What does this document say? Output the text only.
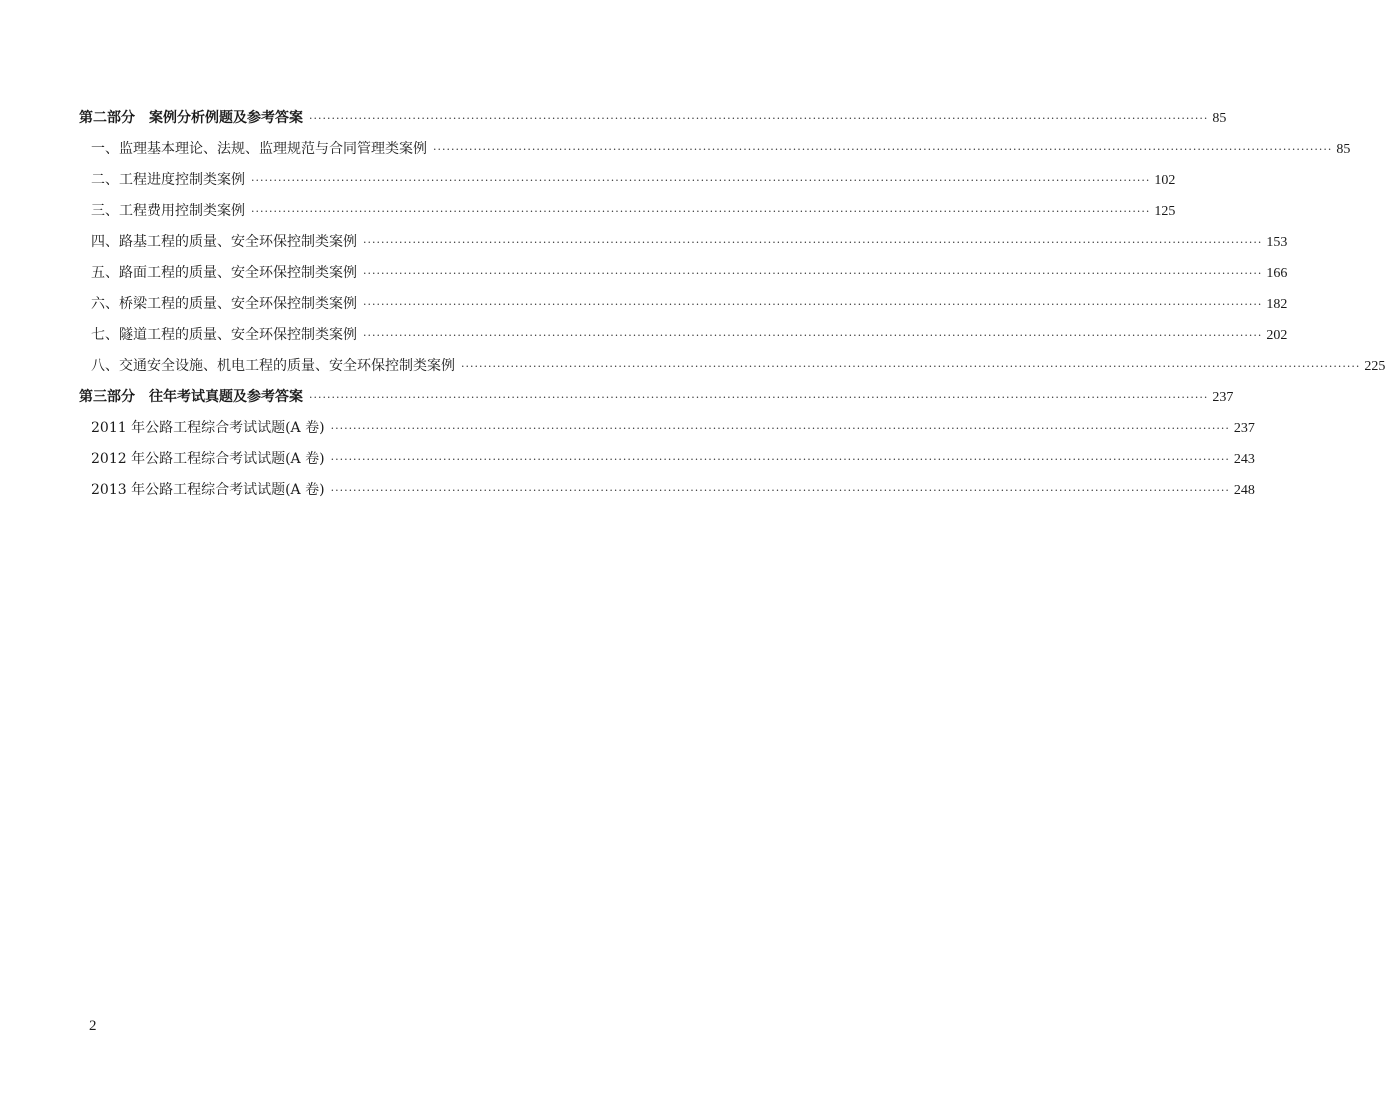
第二部分　案例分析例题及参考答案 ········································································································································································································ 85
一、监理基本理论、法规、监理规范与合同管理类案例 ········································································································································································································ 85
二、工程进度控制类案例 ········································································································································································································ 102
三、工程费用控制类案例 ········································································································································································································ 125
四、路基工程的质量、安全环保控制类案例 ········································································································································································································ 153
五、路面工程的质量、安全环保控制类案例 ········································································································································································································ 166
六、桥梁工程的质量、安全环保控制类案例 ········································································································································································································ 182
七、隧道工程的质量、安全环保控制类案例 ········································································································································································································ 202
八、交通安全设施、机电工程的质量、安全环保控制类案例 ········································································································································································································ 225
第三部分　往年考试真题及参考答案 ········································································································································································································ 237
2011 年公路工程综合考试试题(A 卷) ········································································································································································································ 237
2012 年公路工程综合考试试题(A 卷) ········································································································································································································ 243
2013 年公路工程综合考试试题(A 卷) ········································································································································································································ 248
2
